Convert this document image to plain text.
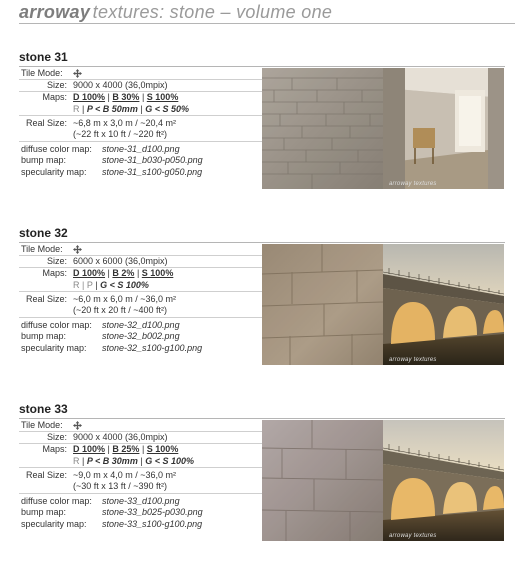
arroway textures: stone – volume one
stone 31
Tile Mode:
Size: 9000 x 4000 (36,0mpix)
Maps: D 100% | B 30% | S 100%
R | P < B 50mm | G < S 50%
Real Size: ~6,8 m x 3,0 m / ~20,4 m²
(~22 ft x 10 ft / ~220 ft²)
diffuse color map: stone-31_d100.png
bump map:	stone-31_b030-p050.png
specularity map: stone-31_s100-g050.png
arroway textures
stone 32
Tile Mode:
Size: 6000 x 6000 (36,0mpix)
Maps: D 100% | B 2% | S 100%
R | P | G < S 100%
Real Size: ~6,0 m x 6,0 m / ~36,0 m²
(~20 ft x 20 ft / ~400 ft²)
diffuse color map: stone-32_d100.png
bump map:	stone-32_b002.png
specularity map: stone-32_s100-g100.png
arroway textures
stone 33
Tile Mode:
Size: 9000 x 4000 (36,0mpix)
Maps: D 100% | B 25% | S 100%
R | P < B 30mm | G < S 100%
Real Size: ~9,0 m x 4,0 m / ~36,0 m²
(~30 ft x 13 ft / ~390 ft²)
diffuse color map: stone-33_d100.png
bump map:	stone-33_b025-p030.png
specularity map: stone-33_s100-g100.png
arroway textures
